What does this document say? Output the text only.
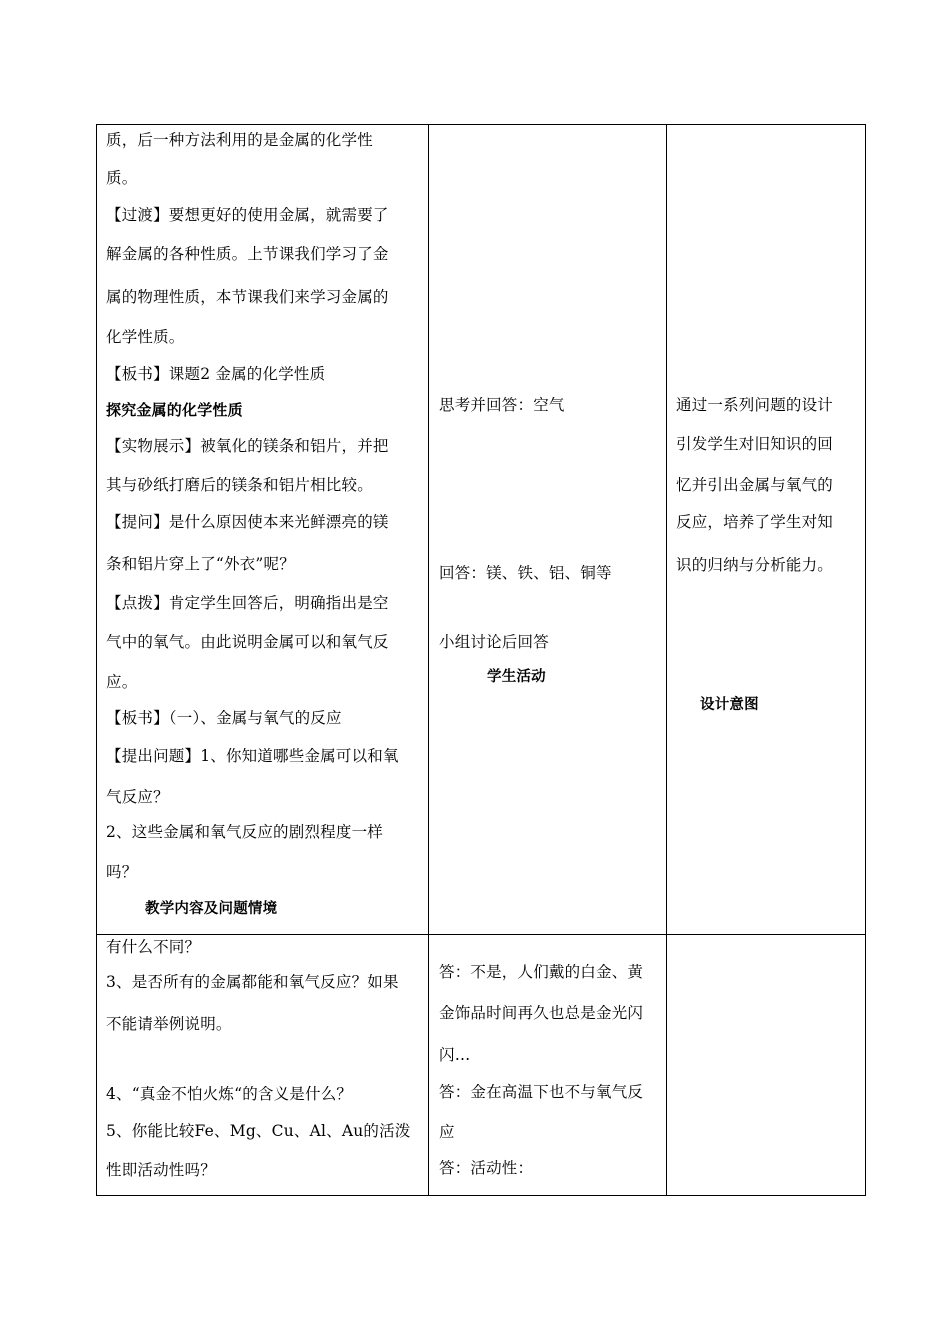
质，后一种方法利用的是金属的化学性
质。
【过渡】要想更好的使用金属，就需要了
解金属的各种性质。上节课我们学习了金
属的物理性质，本节课我们来学习金属的
化学性质。
【板书】课题2 金属的化学性质
探究金属的化学性质
【实物展示】被氧化的镁条和铝片，并把
其与砂纸打磨后的镁条和铝片相比较。
【提问】是什么原因使本来光鲜漂亮的镁
条和铝片穿上了“外衣”呢？
【点拨】肯定学生回答后，明确指出是空
气中的氧气。由此说明金属可以和氧气反
应。
【板书】（一）、金属与氧气的反应
【提出问题】1、你知道哪些金属可以和氧
气反应？
2、这些金属和氧气反应的剧烈程度一样
吗？
教学内容及问题情境
思考并回答：空气
回答：镁、铁、铝、铜等
小组讨论后回答
学生活动
通过一系列问题的设计
引发学生对旧知识的回
忆并引出金属与氧气的
反应，培养了学生对知
识的归纳与分析能力。
设计意图
有什么不同？
3、是否所有的金属都能和氧气反应？如果
不能请举例说明。
4、“真金不怕火炼“的含义是什么？
5、你能比较Fe、Mg、Cu、Al、Au的活泼
性即活动性吗？
答：不是，人们戴的白金、黄
金饰品时间再久也总是金光闪
闪…
答：金在高温下也不与氧气反
应
答：活动性：
